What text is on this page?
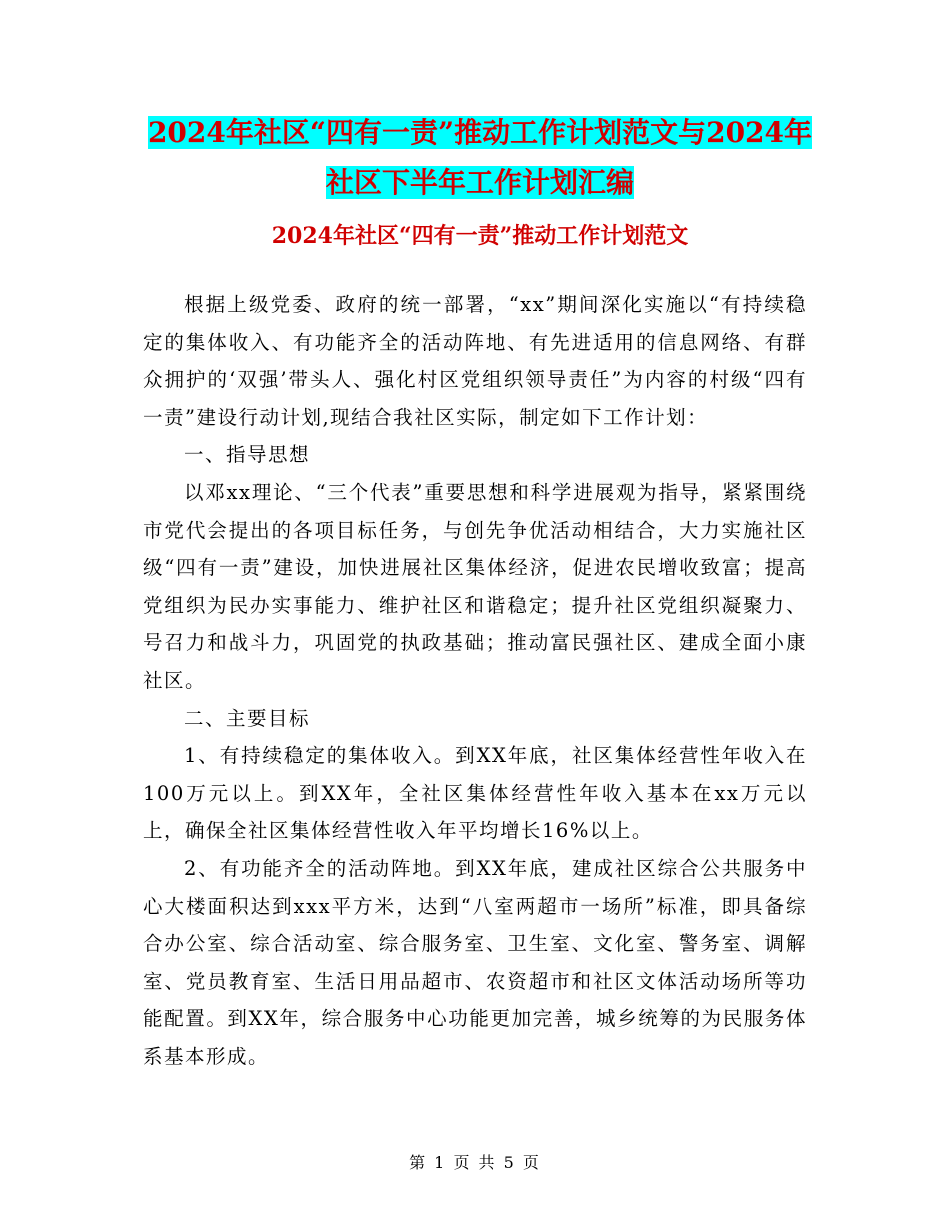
2024年社区“四有一责”推动工作计划范文与2024年
社区下半年工作计划汇编
2024年社区“四有一责”推动工作计划范文

根据上级党委、政府的统一部署，“xx”期间深化实施以“有持续稳定的集体收入、有功能齐全的活动阵地、有先进适用的信息网络、有群众拥护的‘双强’带头人、强化村区党组织领导责任”为内容的村级“四有一责”建设行动计划,现结合我社区实际，制定如下工作计划：

一、指导思想

以邓xx理论、“三个代表”重要思想和科学进展观为指导，紧紧围绕市党代会提出的各项目标任务，与创先争优活动相结合，大力实施社区级“四有一责”建设，加快进展社区集体经济，促进农民增收致富；提高党组织为民办实事能力、维护社区和谐稳定；提升社区党组织凝聚力、号召力和战斗力，巩固党的执政基础；推动富民强社区、建成全面小康社区。

二、主要目标

1、有持续稳定的集体收入。到XX年底，社区集体经营性年收入在100万元以上。到XX年，全社区集体经营性年收入基本在xx万元以上，确保全社区集体经营性收入年平均增长16%以上。

2、有功能齐全的活动阵地。到XX年底，建成社区综合公共服务中心大楼面积达到xxx平方米，达到“八室两超市一场所”标准，即具备综合办公室、综合活动室、综合服务室、卫生室、文化室、警务室、调解室、党员教育室、生活日用品超市、农资超市和社区文体活动场所等功能配置。到XX年，综合服务中心功能更加完善，城乡统筹的为民服务体系基本形成。

第 1 页 共 5 页
